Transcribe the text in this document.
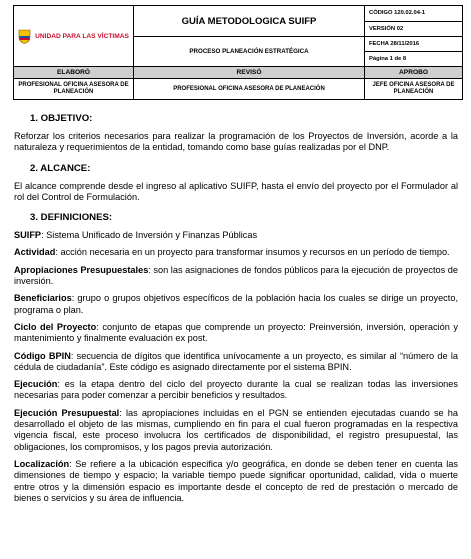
UNIDAD PARA LAS VÍCTIMAS	GUÍA METODOLOGICA SUIFP	CÓDIGO 120.02.04-1
		VERSIÓN 02
	PROCESO PLANEACIÓN ESTRATÉGICA	FECHA 28/11/2016
		Página 1 de 8
ELABORÓ	REVISÓ	APROBO
PROFESIONAL OFICINA ASESORA DE PLANEACIÓN	PROFESIONAL OFICINA ASESORA DE PLANEACIÓN	JEFE OFICINA ASESORA DE PLANEACIÓN

1. OBJETIVO:

Reforzar los criterios necesarios para realizar la programación de los Proyectos de Inversión, acorde a la naturaleza y requerimientos de la entidad, tomando como base guías realizadas por el DNP.

2. ALCANCE:

El alcance comprende desde el ingreso al aplicativo SUIFP, hasta el envío del proyecto por el Formulador al rol del Control de Formulación.

3. DEFINICIONES:

SUIFP: Sistema Unificado de Inversión y Finanzas Públicas

Actividad: acción necesaria en un proyecto para transformar insumos y recursos en un período de tiempo.

Apropiaciones Presupuestales: son las asignaciones de fondos públicos para la ejecución de proyectos de inversión.

Beneficiarios: grupo o grupos objetivos específicos de la población hacia los cuales se dirige un proyecto, programa o plan.

Ciclo del Proyecto: conjunto de etapas que comprende un proyecto: Preinversión, inversión, operación y mantenimiento y finalmente evaluación ex post.

Código BPIN: secuencia de dígitos que identifica unívocamente a un proyecto, es similar al “número de la cédula de ciudadanía”. Este código es asignado directamente por el sistema BPIN.

Ejecución: es la etapa dentro del ciclo del proyecto durante la cual se realizan todas las inversiones necesarias para poder comenzar a percibir beneficios y resultados.

Ejecución Presupuestal: las apropiaciones incluidas en el PGN se entienden ejecutadas cuando se ha desarrollado el objeto de las mismas, cumpliendo en fin para el cual fueron programadas en la respectiva vigencia fiscal, este proceso involucra los certificados de disponibilidad, el registro presupuestal, las obligaciones, los compromisos, y los pagos previa autorización.

Localización: Se refiere a la ubicación especifica y/o geográfica, en donde se deben tener en cuenta las dimensiones de tiempo y espacio; la variable tiempo puede significar oportunidad, calidad, vida o muerte entre otros y la dimensión espacio es importante desde el concepto de red de prestación o mercado de bienes o servicios y su área de influencia.
